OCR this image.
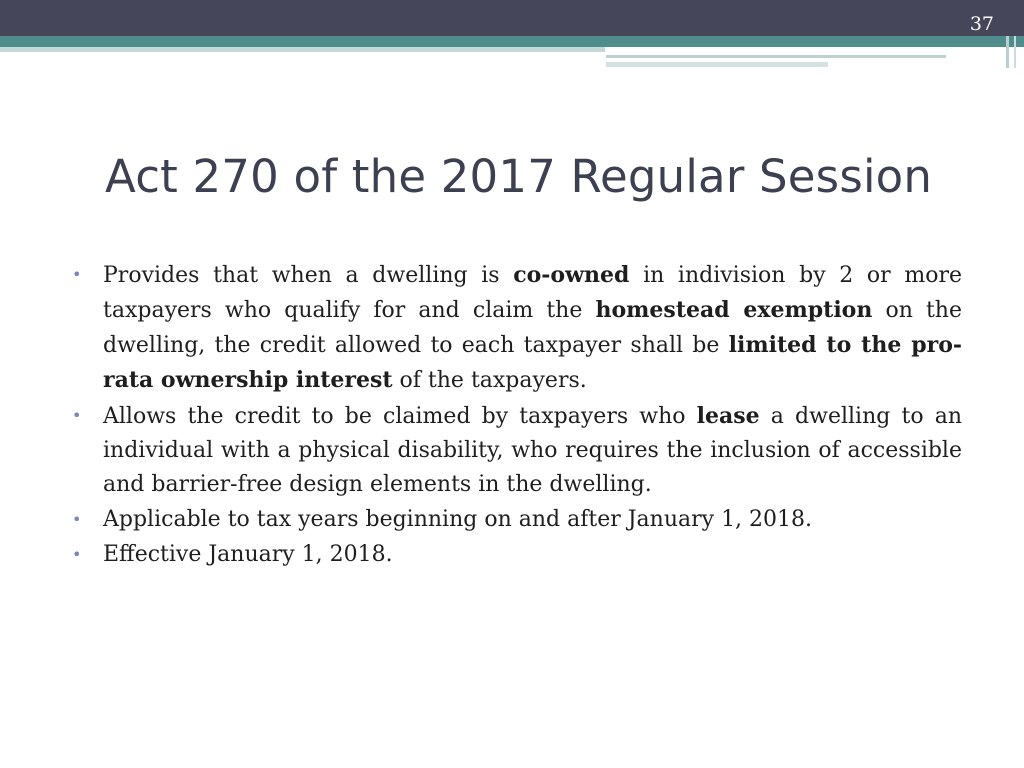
37
Act 270 of the 2017 Regular Session
• Provides that when a dwelling is co-owned in indivision by 2 or more taxpayers who qualify for and claim the homestead exemption on the dwelling, the credit allowed to each taxpayer shall be limited to the pro-rata ownership interest of the taxpayers.
• Allows the credit to be claimed by taxpayers who lease a dwelling to an individual with a physical disability, who requires the inclusion of accessible and barrier-free design elements in the dwelling.
• Applicable to tax years beginning on and after January 1, 2018.
• Effective January 1, 2018.
